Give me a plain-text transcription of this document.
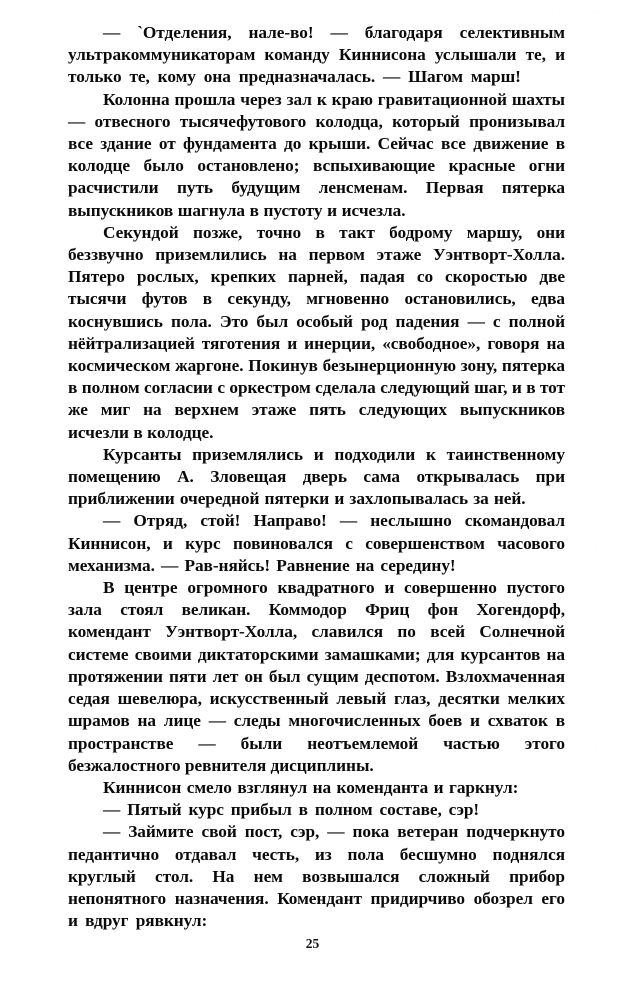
— `Отделения, нале-во! — благодаря селективным ультракоммуникаторам команду Киннисона услышали те, и только те, кому она предназначалась. — Шагом марш!

Колонна прошла через зал к краю гравитационной шахты — отвесного тысячефутового колодца, который пронизывал все здание от фундамента до крыши. Сейчас все движение в колодце было остановлено; вспыхивающие красные огни расчистили путь будущим ленсменам. Первая пятерка выпускников шагнула в пустоту и исчезла.

Секундой позже, точно в такт бодрому маршу, они беззвучно приземлились на первом этаже Уэнтворт-Холла. Пятеро рослых, крепких парней, падая со скоростью две тысячи футов в секунду, мгновенно остановились, едва коснувшись пола. Это был особый род падения — с полной нёйтрализацией тяготения и инерции, «свободное», говоря на космическом жаргоне. Покинув безынерционную зону, пятерка в полном согласии с оркестром сделала следующий шаг, и в тот же миг на верхнем этаже пять следующих выпускников исчезли в колодце.

Курсанты приземлялись и подходили к таинственному помещению А. Зловещая дверь сама открывалась при приближении очередной пятерки и захлопывалась за ней.

— Отряд, стой! Направо! — неслышно скомандовал Киннисон, и курс повиновался с совершенством часового механизма. — Рав-няйсь! Равнение на середину!

В центре огромного квадратного и совершенно пустого зала стоял великан. Коммодор Фриц фон Хогендорф, комендант Уэнтворт-Холла, славился по всей Солнечной системе своими диктаторскими замашками; для курсантов на протяжении пяти лет он был сущим деспотом. Взлохмаченная седая шевелюра, искусственный левый глаз, десятки мелких шрамов на лице — следы многочисленных боев и схваток в пространстве — были неотъемлемой частью этого безжалостного ревнителя дисциплины.

Киннисон смело взглянул на коменданта и гаркнул:

— Пятый курс прибыл в полном составе, сэр!

— Займите свой пост, сэр, — пока ветеран подчеркнуто педантично отдавал честь, из пола бесшумно поднялся круглый стол. На нем возвышался сложный прибор непонятного назначения. Комендант придирчиво обозрел его и вдруг рявкнул:

25
